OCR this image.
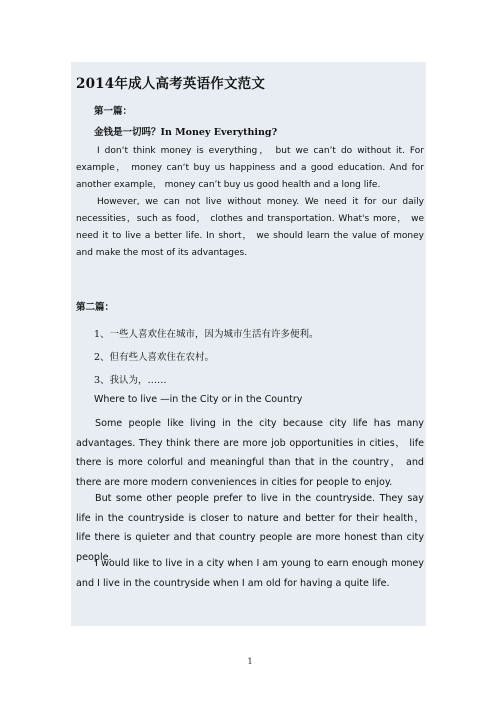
2014年成人高考英语作文范文
第一篇：
金钱是一切吗？In Money Everything?
I don‘t think money is everything， but we can’t do without it. For example， money can‘t buy us happiness and a good education. And for another example， money can’t buy us good health and a long life.
However, we can not live without money. We need it for our daily necessities，such as food， clothes and transportation. What's more， we need it to live a better life. In short， we should learn the value of money and make the most of its advantages.
第二篇：
1、一些人喜欢住在城市，因为城市生活有许多便利。
2、但有些人喜欢住在农村。
3、我认为，……
Where to live —in the City or in the Country
Some people like living in the city because city life has many advantages. They think there are more job opportunities in cities， life there is more colorful and meaningful than that in the country， and there are more modern conveniences in cities for people to enjoy.
But some other people prefer to live in the countryside. They say life in the countryside is closer to nature and better for their health， life there is quieter and that country people are more honest than city people.
I would like to live in a city when I am young to earn enough money and I live in the countryside when I am old for having a quite life.
1
